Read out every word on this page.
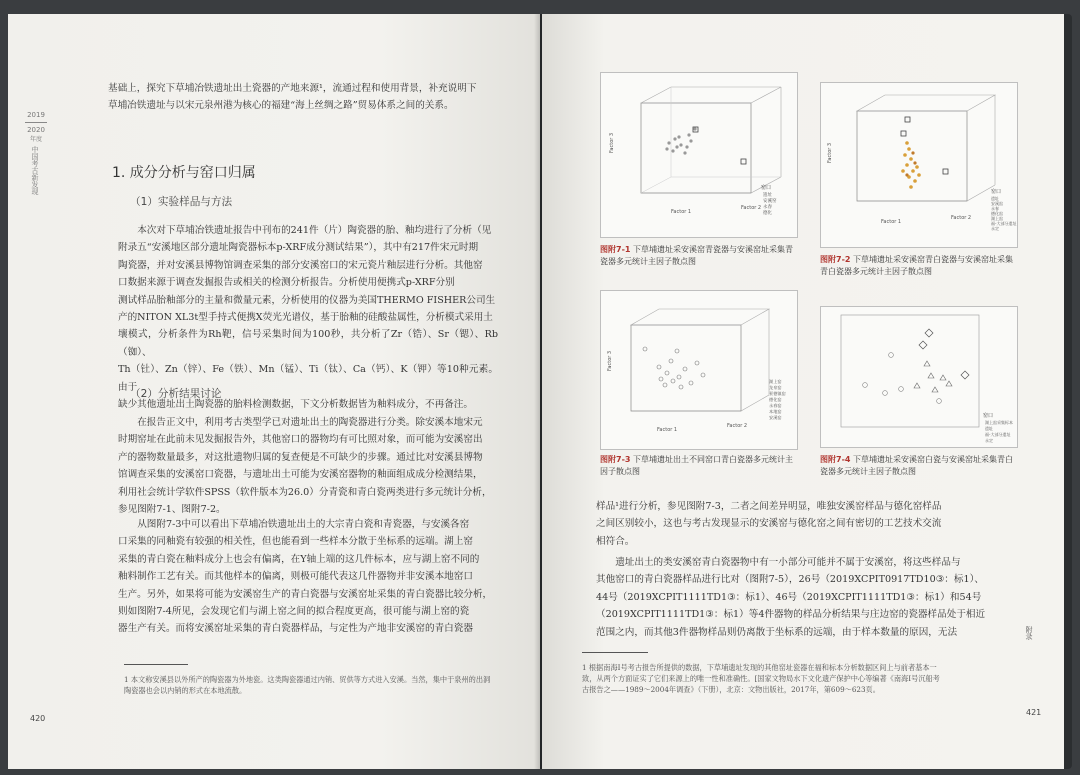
2019
2020
年度
中国考古新发现
基础上，探究下草埔冶铁遗址出土瓷器的产地来源¹，流通过程和使用背景，补充说明下
草埔冶铁遗址与以宋元泉州港为核心的福建“海上丝绸之路”贸易体系之间的关系。
1. 成分分析与窑口归属
（1）实验样品与方法
本次对下草埔冶铁遗址报告中刊布的241件（片）陶瓷器的胎、釉均进行了分析（见
附录五“安溪地区部分遗址陶瓷器标本p-XRF成分测试结果”），其中有217件宋元时期
陶瓷器，并对安溪县博物馆调查采集的部分安溪窑口的宋元瓷片釉层进行分析。其他窑
口数据来源于调查发掘报告或相关的检测分析报告。分析使用便携式p-XRF分别
测试样品胎釉部分的主量和微量元素，分析使用的仪器为美国THERMO FISHER公司生
产的NITON XL3t型手持式便携X荧光光谱仪，基于胎釉的硅酸盐属性，分析模式采用土
壤模式，分析条件为Rh靶，信号采集时间为100秒，共分析了Zr（锆）、Sr（锶）、Rb（铷）、
Th（钍）、Zn（锌）、Fe（铁）、Mn（锰）、Ti（钛）、Ca（钙）、K（钾）等10种元素。由于
缺少其他遗址出土陶瓷器的胎料检测数据，下文分析数据皆为釉料成分，不再备注。
（2）分析结果讨论
在报告正文中，利用考古类型学已对遗址出土的陶瓷器进行分类。除安溪本地宋元
时期窑址在此前未见发掘报告外，其他窑口的器物均有可比照对象，而可能为安溪窑出
产的器物数量最多，对这批遗物归属的复查便是不可缺少的步骤。通过比对安溪县博物
馆调查采集的安溪窑口瓷器，与遗址出土可能为安溪窑器物的釉面组成成分检测结果，
利用社会统计学软件SPSS（软件版本为26.0）分青瓷和青白瓷两类进行多元统计分析，
参见图附7-1、图附7-2。
从图附7-3中可以看出下草埔冶铁遗址出土的大宗青白瓷和青瓷器，与安溪各窑
口采集的同釉瓷有较强的相关性，但也能看到一些样本分散于坐标系的远端。湖上窑
采集的青白瓷在釉料成分上也会有偏离，在Y轴上端的这几件标本，应与湖上窑不同的
釉料制作工艺有关。而其他样本的偏离，则极可能代表这几件器物并非安溪本地窑口
生产。另外，如果将可能为安溪窑生产的青白瓷器与安溪窑址采集的青白瓷器比较分析，
则如图附7-4所见，会发现它们与湖上窑之间的拟合程度更高，很可能与湖上窑的瓷
器生产有关。而将安溪窑址采集的青白瓷器样品，与定性为产地非安溪窑的青白瓷器
1 本文称安溪县以外所产的陶瓷器为外地瓷。这类陶瓷器通过内销、贸供等方式进入安溪。当然，集中于泉州的出洞
陶瓷器也会以内销的形式在本地流散。
420
Factor 3
Factor 1
Factor 2
窑口
遗址
安溪窑
永春
德化
图附7-1 下草埔遗址采安溪窑青瓷器与安溪窑址采集青瓷器多元统计主因子散点图
Factor 3
Factor 1
Factor 2
窑口
遗址
安溪窑
永春
德化窑
湖上窑
福-大部分遗址
永定
图附7-2 下草埔遗址采安溪窑青白瓷器与安溪窑址采集青白瓷器多元统计主因子散点图
Factor 3
Factor 1
Factor 2
湖上窑
龙泉窑
景德镇窑
德化窑
永春窑
本地窑
安溪窑
图附7-3 下草埔遗址出土不同窑口青白瓷器多元统计主因子散点图
窑口
湖上窑采集标本
遗址
福-大部分遗址
永定
图附7-4 下草埔遗址采安溪窑白瓷与安溪窑址采集青白瓷器多元统计主因子散点图
样品¹进行分析，参见图附7-3，二者之间差异明显，唯独安溪窑样品与德化窑样品
之间区别较小，这也与考古发现显示的安溪窑与德化窑之间有密切的工艺技术交流
相符合。
遗址出土的类安溪窑青白瓷器物中有一小部分可能并不属于安溪窑，将这些样品与
其他窑口的青白瓷器样品进行比对（图附7-5），26号（2019XCPIT0917TD10③：标1）、
44号（2019XCPIT1111TD1③：标1）、46号（2019XCPIT1111TD1③：标1）和54号
（2019XCPIT1111TD1③：标1）等4件器物的样品分析结果与庄边窑的瓷器样品处于相近
范围之内，而其他3件器物样品则仍离散于坐标系的远端，由于样本数量的原因，无法
1 根据南海Ⅰ号考古报告所提供的数据，下草埔遗址发现的其他窑址瓷器在福和标本分析数据区间上与前者基本一
致，从两个方面证实了它们来源上的唯一性和准确性。[国家文物局水下文化遗产保护中心等编著《南海Ⅰ号沉船考
古报告之——1989～2004年调查》（下册），北京：文物出版社，2017年，第609～623页。
附录
421
